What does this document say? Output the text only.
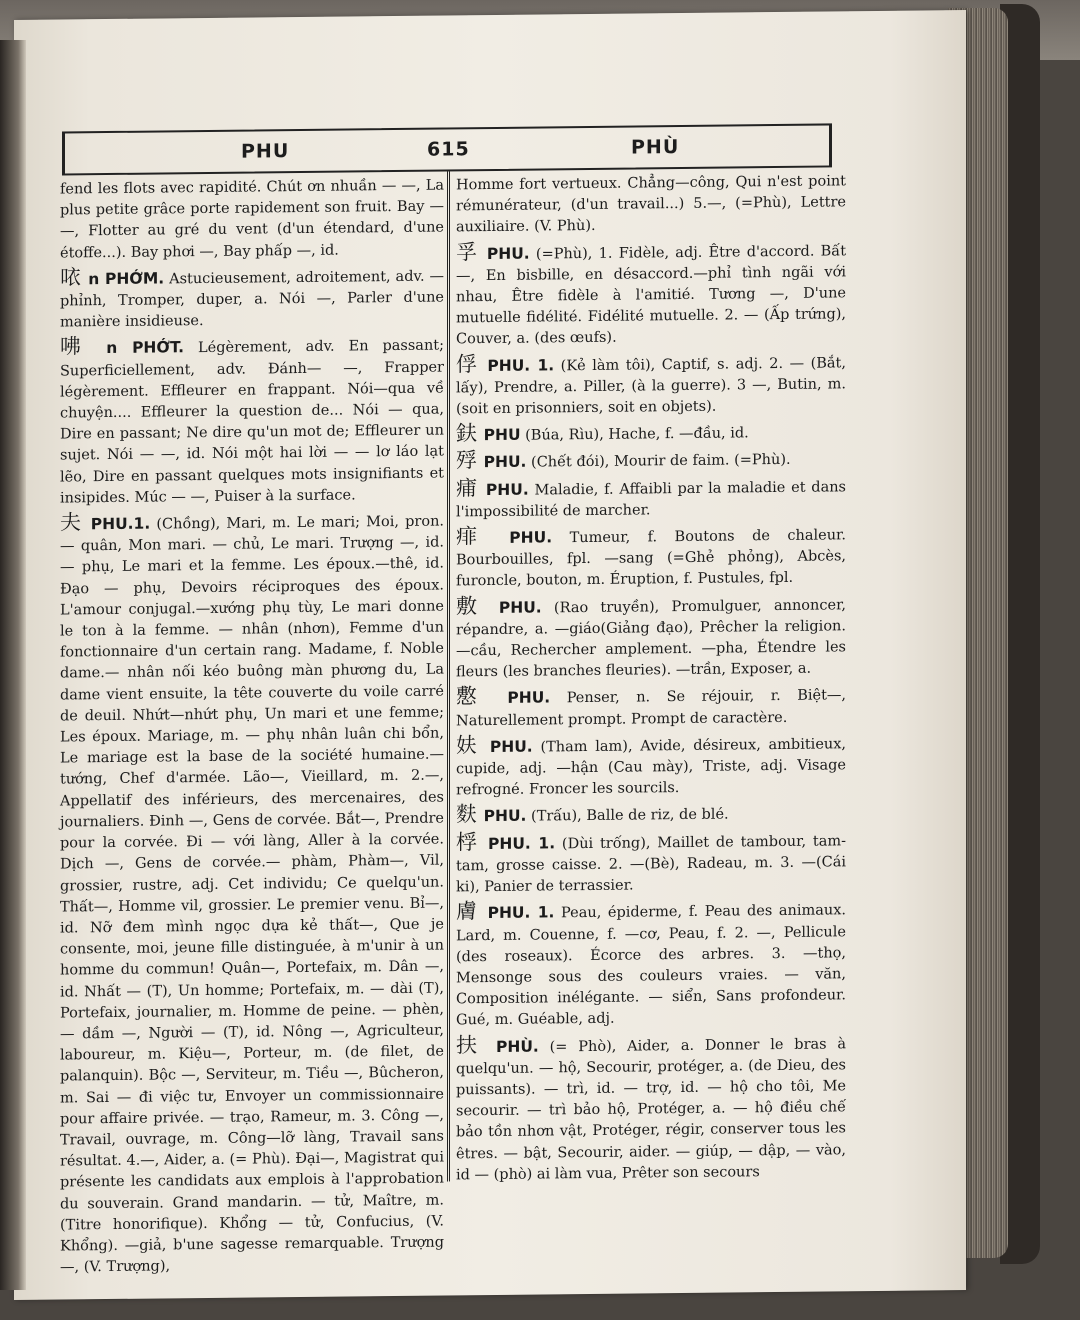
PHU	615	PHÙ

fend les flots avec rapidité. Chút ơn nhuần — —, La plus petite grâce porte rapidement son fruit. Bay — —, Flotter au gré du vent (d'un étendard, d'une étoffe...). Bay phơi —, Bay phấp —, id.

𠲖 n PHỚM. Astucieusement, adroitement, adv. — phỉnh, Tromper, duper, a. Nói —, Parler d'une manière insidieuse.

咈 n PHỚT. Légèrement, adv. En passant; Superficiellement, adv. Đánh— —, Frapper légèrement. Effleurer en frappant. Nói—qua về chuyện.... Effleurer la question de... Nói — qua, Dire en passant; Ne dire qu'un mot de; Effleurer un sujet. Nói — —, id. Nói một hai lời — — lơ láo lạt lẽo, Dire en passant quelques mots insignifiants et insipides. Múc — —, Puiser à la surface.

夫 PHU.1. (Chồng), Mari, m. Le mari; Moi, pron. — quân, Mon mari. — chủ, Le mari. Trượng —, id. — phụ, Le mari et la femme. Les époux.—thê, id. Đạo — phụ, Devoirs réciproques des époux. L'amour conjugal.—xướng phụ tùy, Le mari donne le ton à la femme. — nhân (nhơn), Femme d'un fonctionnaire d'un certain rang. Madame, f. Noble dame.— nhân nối kéo buông màn phương du, La dame vient ensuite, la tête couverte du voile carré de deuil. Nhứt—nhứt phụ, Un mari et une femme; Les époux. Mariage, m. — phụ nhân luân chi bổn, Le mariage est la base de la société humaine.—tướng, Chef d'armée. Lão—, Vieillard, m. 2.—, Appellatif des inférieurs, des mercenaires, des journaliers. Đinh —, Gens de corvée. Bắt—, Prendre pour la corvée. Đi — với làng, Aller à la corvée. Dịch —, Gens de corvée.— phàm, Phàm—, Vil, grossier, rustre, adj. Cet individu; Ce quelqu'un. Thất—, Homme vil, grossier. Le premier venu. Bỉ—, id. Nỡ đem mình ngọc dựa kẻ thất—, Que je consente, moi, jeune fille distinguée, à m'unir à un homme du commun! Quân—, Portefaix, m. Dân —, id. Nhất — (T), Un homme; Portefaix, m. — dài (T), Portefaix, journalier, m. Homme de peine. — phèn, — dầm —, Người — (T), id. Nông —, Agriculteur, laboureur, m. Kiệu—, Porteur, m. (de filet, de palanquin). Bộc —, Serviteur, m. Tiều —, Bûcheron, m. Sai — đi việc tư, Envoyer un commissionnaire pour affaire privée. — trạo, Rameur, m. 3. Công —, Travail, ouvrage, m. Công—lỡ làng, Travail sans résultat. 4.—, Aider, a. (= Phù). Đại—, Magistrat qui présente les candidats aux emplois à l'approbation du souverain. Grand mandarin. — tử, Maître, m. (Titre honorifique). Khổng — tử, Confucius, (V. Khổng). —giả, b'une sagesse remarquable. Trượng —, (V. Trượng),

Homme fort vertueux. Chẳng—công, Qui n'est point rémunérateur, (d'un travail...) 5.—, (=Phù), Lettre auxiliaire. (V. Phù).

孚 PHU. (=Phù), 1. Fidèle, adj. Être d'accord. Bất—, En bisbille, en désaccord.—phỉ tình ngãi với nhau, Être fidèle à l'amitié. Tương —, D'une mutuelle fidélité. Fidélité mutuelle. 2. — (Ấp trứng), Couver, a. (des œufs).

俘 PHU. 1. (Kẻ làm tôi), Captif, s. adj. 2. — (Bắt, lấy), Prendre, a. Piller, (à la guerre). 3 —, Butin, m. (soit en prisonniers, soit en objets).

鈇 PHU (Búa, Rìu), Hache, f. —đầu, id.

殍 PHU. (Chết đói), Mourir de faim. (=Phù).

痡 PHU. Maladie, f. Affaibli par la maladie et dans l'impossibilité de marcher.

痱 PHU. Tumeur, f. Boutons de chaleur. Bourbouilles, fpl. —sang (=Ghẻ phỏng), Abcès, furoncle, bouton, m. Éruption, f. Pustules, fpl.

敷 PHU. (Rao truyền), Promulguer, annoncer, répandre, a. —giáo(Giảng đạo), Prêcher la religion. —cầu, Rechercher amplement. —pha, Étendre les fleurs (les branches fleuries). —trần, Exposer, a.

懯 PHU. Penser, n. Se réjouir, r. Biệt—, Naturellement prompt. Prompt de caractère.

妋 PHU. (Tham lam), Avide, désireux, ambitieux, cupide, adj. —hận (Cau mày), Triste, adj. Visage refrogné. Froncer les sourcils.

麩 PHU. (Trấu), Balle de riz, de blé.

桴 PHU. 1. (Dùi trống), Maillet de tambour, tam-tam, grosse caisse. 2. —(Bè), Radeau, m. 3. —(Cái ki), Panier de terrassier.

膚 PHU. 1. Peau, épiderme, f. Peau des animaux. Lard, m. Couenne, f. —cơ, Peau, f. 2. —, Pellicule (des roseaux). Écorce des arbres. 3. —thọ, Mensonge sous des couleurs vraies. — văn, Composition inélégante. — siển, Sans profondeur. Gué, m. Guéable, adj.

扶 PHÙ. (= Phò), Aider, a. Donner le bras à quelqu'un. — hộ, Secourir, protéger, a. (de Dieu, des puissants). — trì, id. — trợ, id. — hộ cho tôi, Me secourir. — trì bảo hộ, Protéger, a. — hộ điều chế bảo tồn nhơn vật, Protéger, régir, conserver tous les êtres. — bật, Secourir, aider. — giúp, — dập, — vào, id — (phò) ai làm vua, Prêter son secours
